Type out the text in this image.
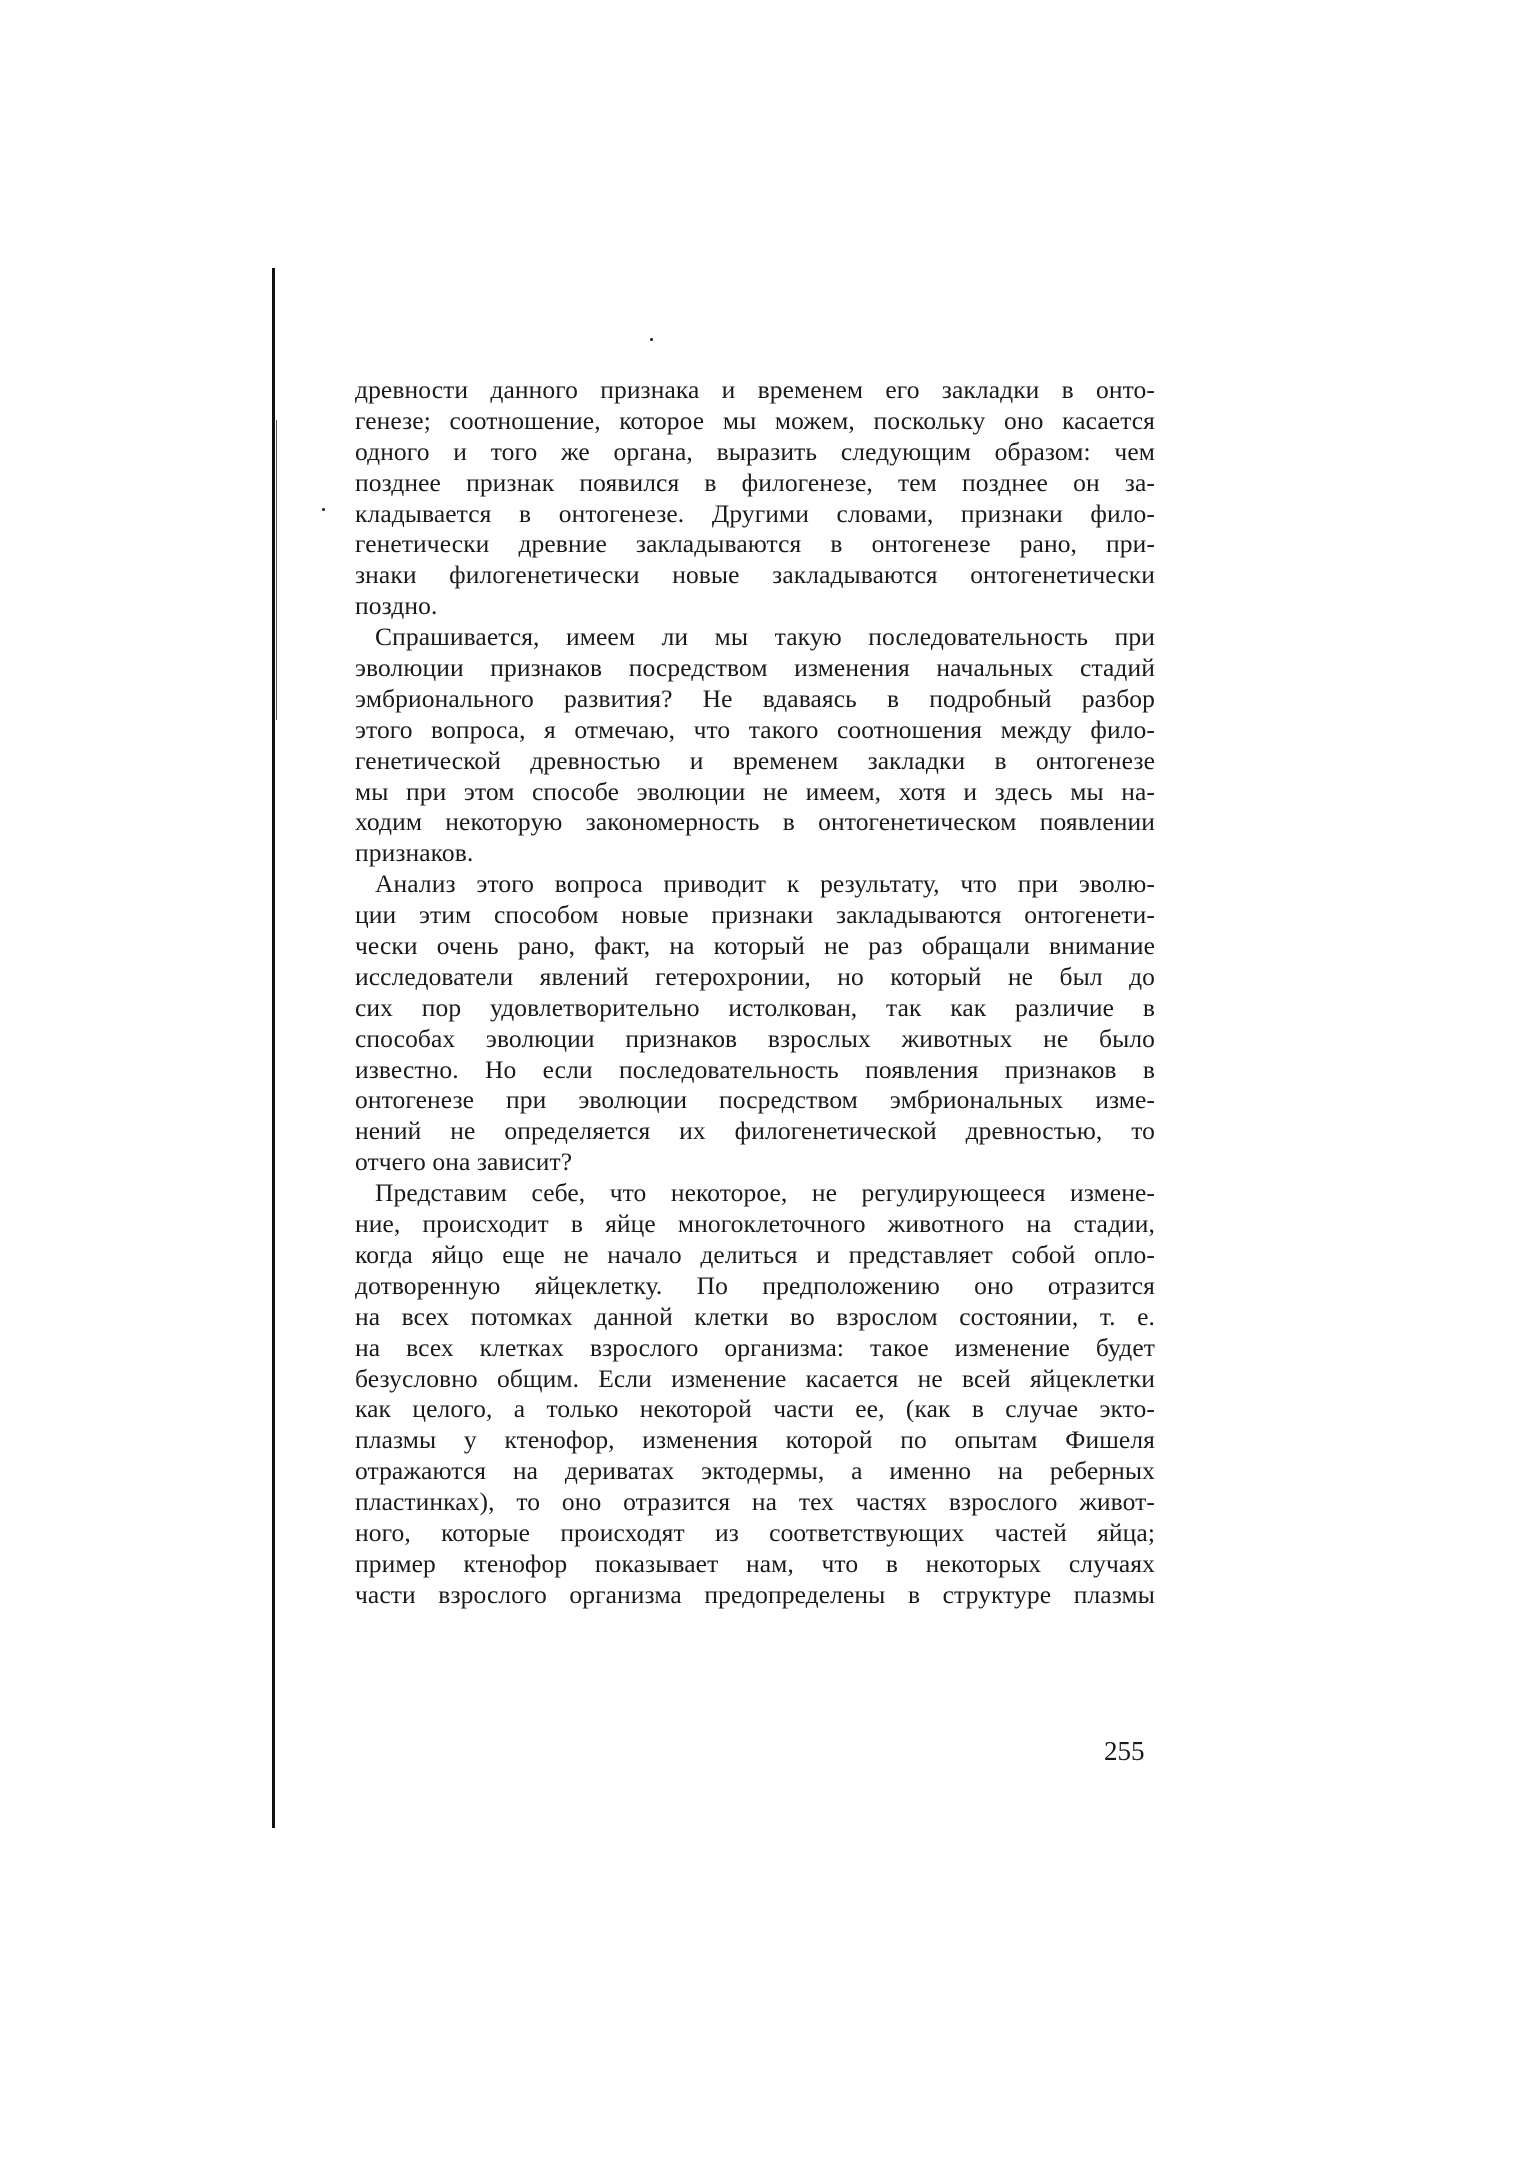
древности данного признака и временем его закладки в онто-
генезе; соотношение, которое мы можем, поскольку оно касается
одного и того же органа, выразить следующим образом: чем
позднее признак появился в филогенезе, тем позднее он за-
кладывается в онтогенезе. Другими словами, признаки фило-
генетически древние закладываются в онтогенезе рано, при-
знаки филогенетически новые закладываются онтогенетически
поздно.
Спрашивается, имеем ли мы такую последовательность при
эволюции признаков посредством изменения начальных стадий
эмбрионального развития? Не вдаваясь в подробный разбор
этого вопроса, я отмечаю, что такого соотношения между фило-
генетической древностью и временем закладки в онтогенезе
мы при этом способе эволюции не имеем, хотя и здесь мы на-
ходим некоторую закономерность в онтогенетическом появлении
признаков.
Анализ этого вопроса приводит к результату, что при эволю-
ции этим способом новые признаки закладываются онтогенети-
чески очень рано, факт, на который не раз обращали внимание
исследователи явлений гетерохронии, но который не был до
сих пор удовлетворительно истолкован, так как различие в
способах эволюции признаков взрослых животных не было
известно. Но если последовательность появления признаков в
онтогенезе при эволюции посредством эмбриональных изме-
нений не определяется их филогенетической древностью, то
отчего она зависит?
Представим себе, что некоторое, не регулирующееся измене-
ние, происходит в яйце многоклеточного животного на стадии,
когда яйцо еще не начало делиться и представляет собой опло-
дотворенную яйцеклетку. По предположению оно отразится
на всех потомках данной клетки во взрослом состоянии, т. е.
на всех клетках взрослого организма: такое изменение будет
безусловно общим. Если изменение касается не всей яйцеклетки
как целого, а только некоторой части ее, (как в случае экто-
плазмы у ктенофор, изменения которой по опытам Фишеля
отражаются на дериватах эктодермы, а именно на реберных
пластинках), то оно отразится на тех частях взрослого живот-
ного, которые происходят из соответствующих частей яйца;
пример ктенофор показывает нам, что в некоторых случаях
части взрослого организма предопределены в структуре плазмы
255
